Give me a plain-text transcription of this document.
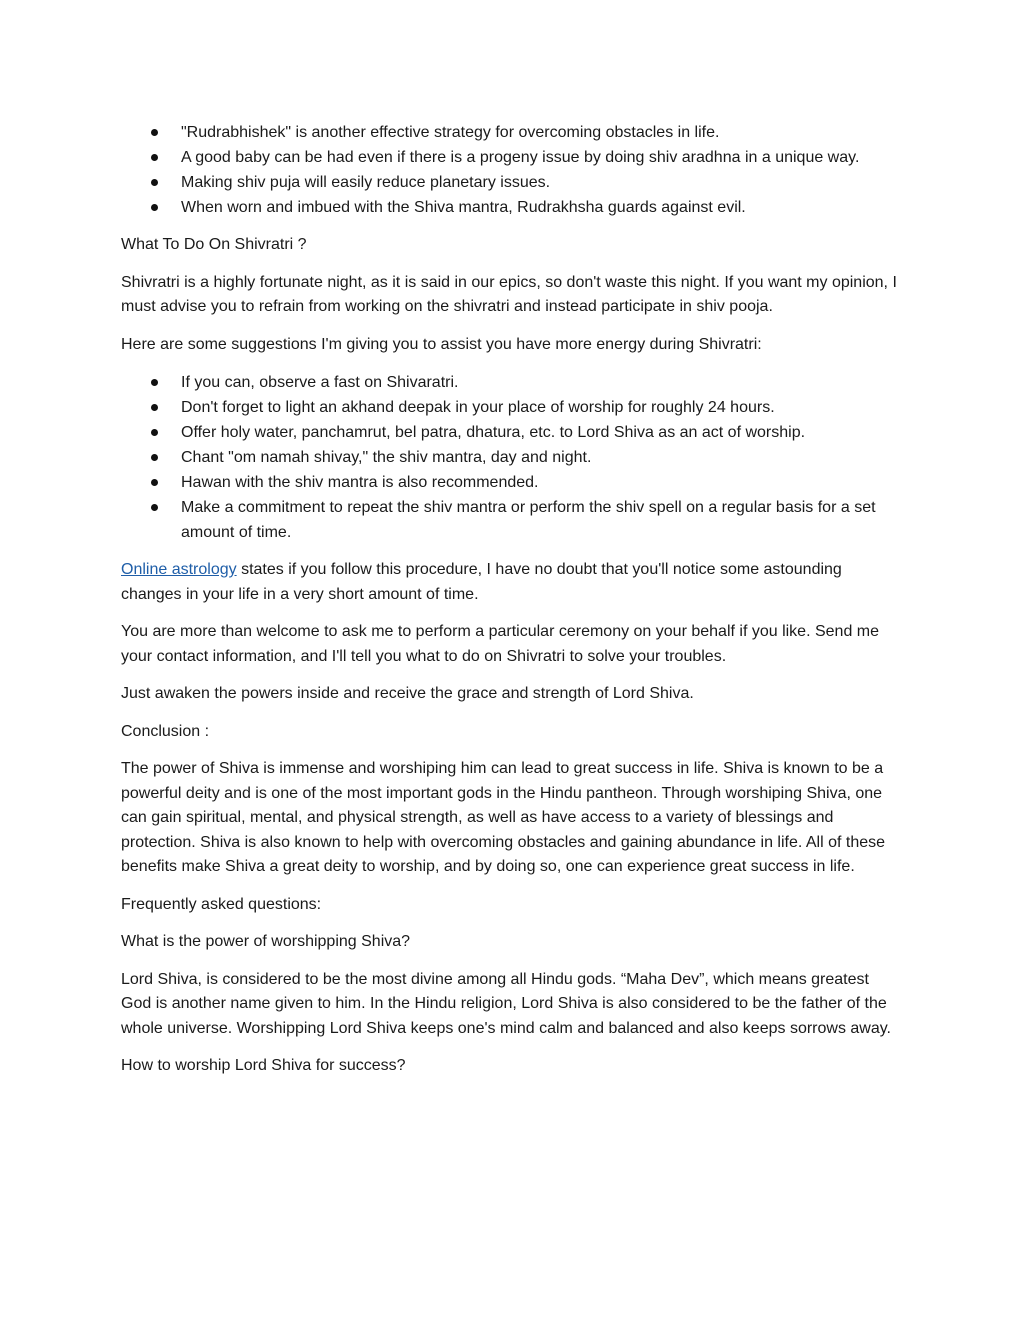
"Rudrabhishek" is another effective strategy for overcoming obstacles in life.
A good baby can be had even if there is a progeny issue by doing shiv aradhna in a unique way.
Making shiv puja will easily reduce planetary issues.
When worn and imbued with the Shiva mantra, Rudrakhsha guards against evil.

What To Do On Shivratri ?

Shivratri is a highly fortunate night, as it is said in our epics, so don't waste this night. If you want my opinion, I must advise you to refrain from working on the shivratri and instead participate in shiv pooja.

Here are some suggestions I'm giving you to assist you have more energy during Shivratri:

If you can, observe a fast on Shivaratri.
Don't forget to light an akhand deepak in your place of worship for roughly 24 hours.
Offer holy water, panchamrut, bel patra, dhatura, etc. to Lord Shiva as an act of worship.
Chant "om namah shivay," the shiv mantra, day and night.
Hawan with the shiv mantra is also recommended.
Make a commitment to repeat the shiv mantra or perform the shiv spell on a regular basis for a set amount of time.

Online astrology states if you follow this procedure, I have no doubt that you'll notice some astounding changes in your life in a very short amount of time.

You are more than welcome to ask me to perform a particular ceremony on your behalf if you like. Send me your contact information, and I'll tell you what to do on Shivratri to solve your troubles.

Just awaken the powers inside and receive the grace and strength of Lord Shiva.

Conclusion :

The power of Shiva is immense and worshiping him can lead to great success in life. Shiva is known to be a powerful deity and is one of the most important gods in the Hindu pantheon. Through worshiping Shiva, one can gain spiritual, mental, and physical strength, as well as have access to a variety of blessings and protection. Shiva is also known to help with overcoming obstacles and gaining abundance in life. All of these benefits make Shiva a great deity to worship, and by doing so, one can experience great success in life.

Frequently asked questions:

What is the power of worshipping Shiva?

Lord Shiva, is considered to be the most divine among all Hindu gods. “Maha Dev”, which means greatest God is another name given to him. In the Hindu religion, Lord Shiva is also considered to be the father of the whole universe. Worshipping Lord Shiva keeps one's mind calm and balanced and also keeps sorrows away.

How to worship Lord Shiva for success?
